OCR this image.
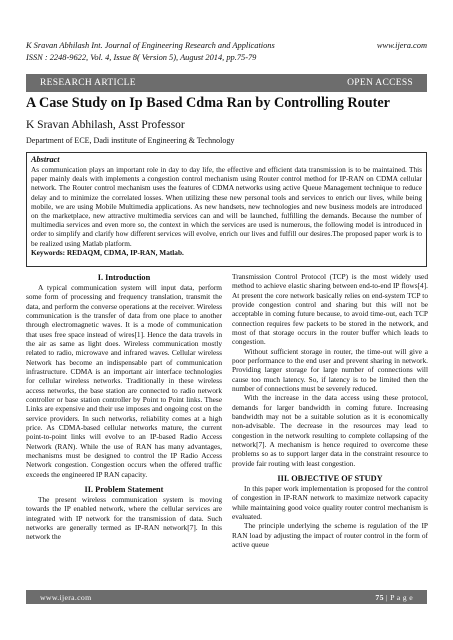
K Sravan Abhilash Int. Journal of Engineering Research and Applications	www.ijera.com
ISSN : 2248-9622, Vol. 4, Issue 8( Version 5), August 2014, pp.75-79
RESEARCH ARTICLE	OPEN ACCESS
A Case Study on Ip Based Cdma Ran by Controlling Router
K Sravan Abhilash, Asst Professor
Department of ECE, Dadi institute of Engineering & Technology
Abstract
As communication plays an important role in day to day life, the effective and efficient data transmission is to be maintained. This paper mainly deals with implements a congestion control mechanism using Router control method for IP-RAN on CDMA cellular network. The Router control mechanism uses the features of CDMA networks using active Queue Management technique to reduce delay and to minimize the correlated losses. When utilizing these new personal tools and services to enrich our lives, while being mobile, we are using Mobile Multimedia applications. As new handsets, new technologies and new business models are introduced on the marketplace, new attractive multimedia services can and will be launched, fulfilling the demands. Because the number of multimedia services and even more so, the context in which the services are used is numerous, the following model is introduced in order to simplify and clarify how different services will evolve, enrich our lives and fulfill our desires.The proposed paper work is to be realized using Matlab platform.
Keywords: REDAQM, CDMA, IP-RAN, Matlab.

I. Introduction

A typical communication system will input data, perform some form of processing and frequency translation, transmit the data, and perform the converse operations at the receiver. Wireless communication is the transfer of data from one place to another through electromagnetic waves. It is a mode of communication that uses free space instead of wires[1]. Hence the data travels in the air as same as light does. Wireless communication mostly related to radio, microwave and infrared waves. Cellular wireless Network has become an indispensable part of communication infrastructure. CDMA is an important air interface technologies for cellular wireless networks. Traditionally in these wireless access networks, the base station are connected to radio network controller or base station controller by Point to Point links. These Links are expensive and their use imposes and ongoing cost on the service providers. In such networks, reliability comes at a high price. As CDMA-based cellular networks mature, the current point-to-point links will evolve to an IP-based Radio Access Network (RAN). While the use of RAN has many advantages, mechanisms must be designed to control the IP Radio Access Network congestion. Congestion occurs when the offered traffic exceeds the engineered IP RAN capacity.

II. Problem Statement

The present wireless communication system is moving towards the IP enabled network, where the cellular services are integrated with IP network for the transmission of data. Such networks are generally termed as IP-RAN network[7]. In this network the

Transmission Control Protocol (TCP) is the most widely used method to achieve elastic sharing between end-to-end IP flows[4]. At present the core network basically relies on end-system TCP to provide congestion control and sharing but this will not be acceptable in coming future because, to avoid time-out, each TCP connection requires few packets to be stored in the network, and most of that storage occurs in the router buffer which leads to congestion.

Without sufficient storage in router, the time-out will give a poor performance to the end user and prevent sharing in network. Providing larger storage for large number of connections will cause too much latency. So, if latency is to be limited then the number of connections must be severely reduced.

With the increase in the data access using these protocol, demands for larger bandwidth in coming future. Increasing bandwidth may not be a suitable solution as it is economically non-advisable. The decrease in the resources may lead to congestion in the network resulting to complete collapsing of the network[7]. A mechanism is hence required to overcome these problems so as to support larger data in the constraint resource to provide fair routing with least congestion.

III. OBJECTIVE OF STUDY

In this paper work implementation is proposed for the control of congestion in IP-RAN network to maximize network capacity while maintaining good voice quality router control mechanism is evaluated.

The principle underlying the scheme is regulation of the IP RAN load by adjusting the impact of router control in the form of active queue

www.ijera.com	75 | P a g e
